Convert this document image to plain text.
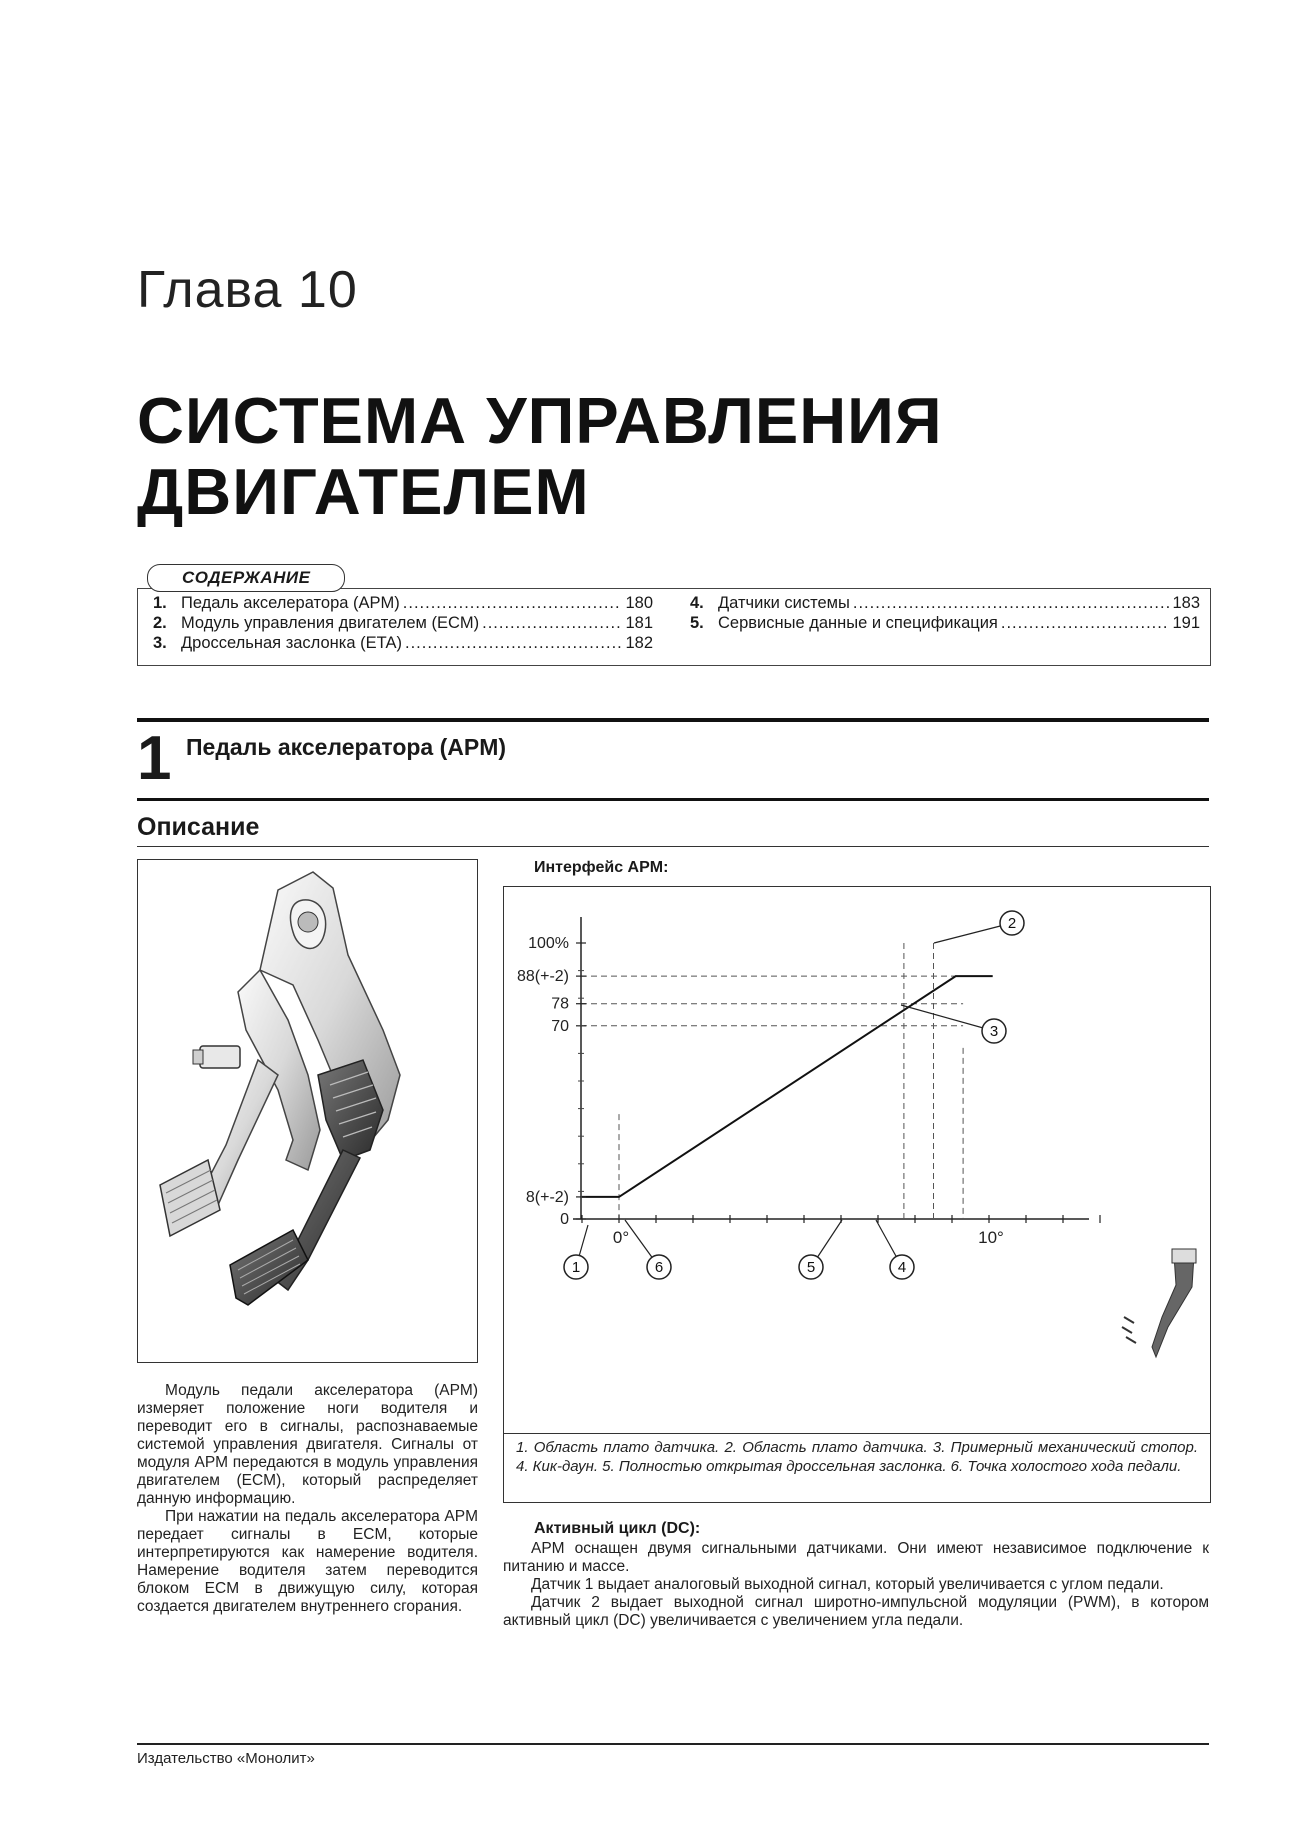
Глава 10
СИСТЕМА УПРАВЛЕНИЯ
ДВИГАТЕЛЕМ
СОДЕРЖАНИЕ
1. Педаль акселератора (APM) .....	180
2. Модуль управления двигателем (ECM) .....	181
3. Дроссельная заслонка (ETA) .....	182
4. Датчики системы .....	183
5. Сервисные данные и спецификация .....	191
1 Педаль акселератора (APM)
Описание

Модуль педали акселератора (APM) измеряет положение ноги водителя и переводит его в сигналы, распознаваемые системой управления двигателя. Сигналы от модуля APM передаются в модуль управления двигателем (ECM), который распределяет данную информацию.

При нажатии на педаль акселератора APM передает сигналы в ECM, которые интерпретируются как намерение водителя. Намерение водителя затем переводится блоком ECM в движущую силу, которая создается двигателем внутреннего сгорания.

Интерфейс APM:
100%
88(+-2)
78
70
8(+-2)
0
0°	10°
1
2
3
4
5
6
1. Область плато датчика. 2. Область плато датчика. 3. Примерный механический стопор. 4. Кик-даун. 5. Полностью открытая дроссельная заслонка. 6. Точка холостого хода педали.
Активный цикл (DC):

APM оснащен двумя сигнальными датчиками. Они имеют независимое подключение к питанию и массе.

Датчик 1 выдает аналоговый выходной сигнал, который увеличивается с углом педали.

Датчик 2 выдает выходной сигнал широтно-импульсной модуляции (PWM), в котором активный цикл (DC) увеличивается с увеличением угла педали.

Издательство «Монолит»
